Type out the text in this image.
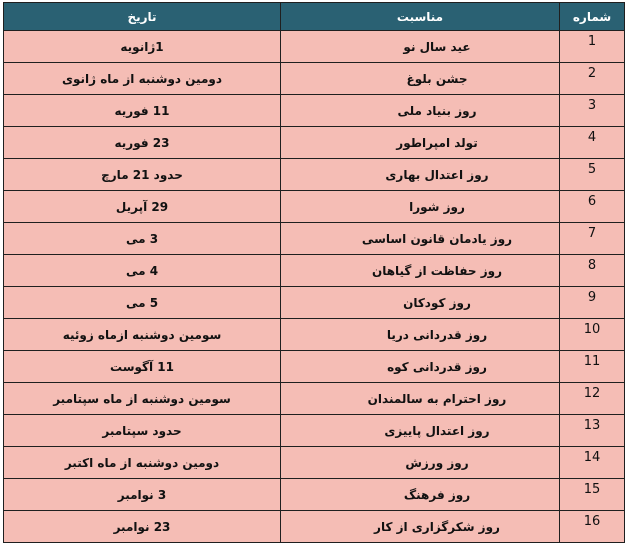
شماره	مناسبت	تاریخ
1	عید سال نو	1ژانویه
2	جشن بلوغ	دومین دوشنبه از ماه ژانوی
3	روز بنیاد ملی	11 فوریه
4	تولد امپراطور	23 فوریه
5	روز اعتدال بهاری	حدود 21 مارچ
6	روز شورا	29 آپریل
7	روز یادمان قانون اساسی	3 می
8	روز حفاظت از گیاهان	4 می
9	روز کودکان	5 می
10	روز قدردانی دریا	سومین دوشنبه ازماه زوئیه
11	روز قدردانی کوه	11 آگوست
12	روز احترام به سالمندان	سومین دوشنبه از ماه سپتامبر
13	روز اعتدال پاییزی	حدود سپتامبر
14	روز ورزش	دومین دوشنبه از ماه اکتبر
15	روز فرهنگ	3 نوامبر
16	روز شکرگزاری از کار	23 نوامبر
